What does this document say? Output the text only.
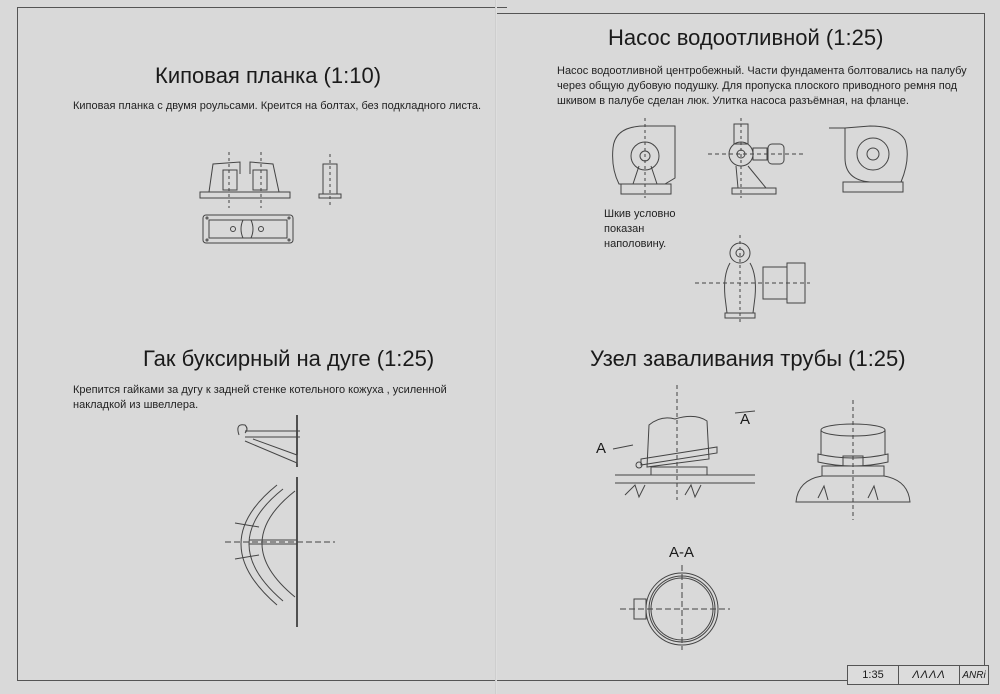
Киповая планка (1:10)
Киповая планка с двумя роульсами. Креится на болтах, без подкладного листа.
Насос водоотливной (1:25)
Насос водоотливной центробежный. Части фундамента болтовались на палубу через общую дубовую подушку. Для пропуска плоского приводного ремня под шкивом в палубе сделан люк. Улитка насоса разъёмная, на фланце.
Шкив условно показан наполовину.
Гак буксирный на дуге (1:25)
Крепится гайками за дугу к задней стенке котельного кожуха , усиленной накладкой из швеллера.
Узел заваливания трубы (1:25)
A
A
A-A
1:35	ΛΛΛΛ	ANRi
